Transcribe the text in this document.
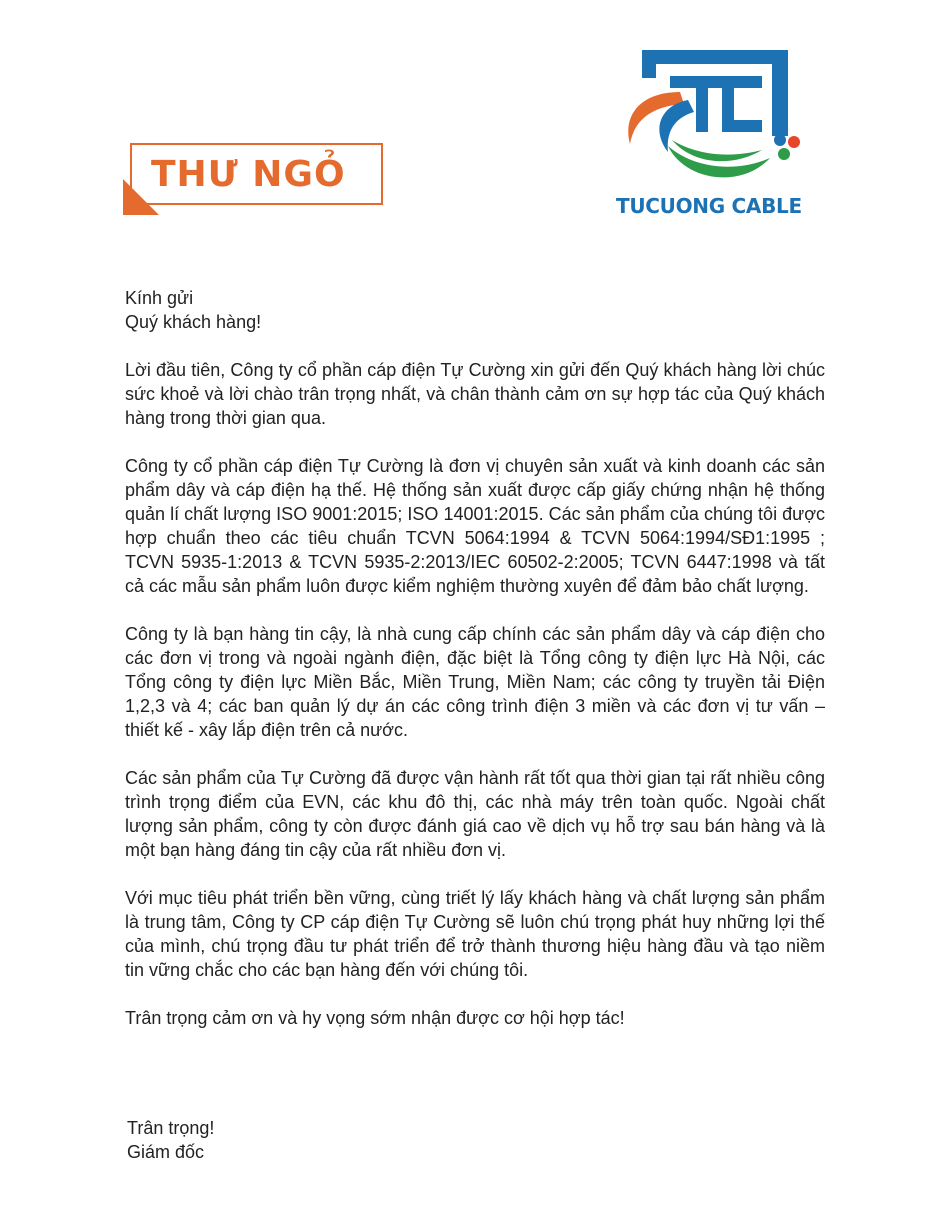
THƯ NGỎ
TUCUONG CABLE

Kính gửi
Quý khách hàng!

Lời đầu tiên, Công ty cổ phần cáp điện Tự Cường xin gửi đến Quý khách hàng lời chúc sức khoẻ và lời chào trân trọng nhất, và chân thành cảm ơn sự hợp tác của Quý khách hàng trong thời gian qua.

Công ty cổ phần cáp điện Tự Cường là đơn vị chuyên sản xuất và kinh doanh các sản phẩm dây và cáp điện hạ thế. Hệ thống sản xuất được cấp giấy chứng nhận hệ thống quản lí chất lượng ISO 9001:2015; ISO 14001:2015. Các sản phẩm của chúng tôi được hợp chuẩn theo các tiêu chuẩn TCVN 5064:1994 & TCVN 5064:1994/SĐ1:1995 ; TCVN 5935-1:2013 & TCVN 5935-2:2013/IEC 60502-2:2005; TCVN 6447:1998 và tất cả các mẫu sản phẩm luôn được kiểm nghiệm thường xuyên để đảm bảo chất lượng.

Công ty là bạn hàng tin cậy, là nhà cung cấp chính các sản phẩm dây và cáp điện cho các đơn vị trong và ngoài ngành điện, đặc biệt là Tổng công ty điện lực Hà Nội, các Tổng công ty điện lực Miền Bắc, Miền Trung, Miền Nam; các công ty truyền tải Điện 1,2,3 và 4; các ban quản lý dự án các công trình điện 3 miền và các đơn vị tư vấn – thiết kế - xây lắp điện trên cả nước.

Các sản phẩm của Tự Cường đã được vận hành rất tốt qua thời gian tại rất nhiều công trình trọng điểm của EVN, các khu đô thị, các nhà máy trên toàn quốc. Ngoài chất lượng sản phẩm, công ty còn được đánh giá cao về dịch vụ hỗ trợ sau bán hàng và là một bạn hàng đáng tin cậy của rất nhiều đơn vị.

Với mục tiêu phát triển bền vững, cùng triết lý lấy khách hàng và chất lượng sản phẩm là trung tâm, Công ty CP cáp điện Tự Cường sẽ luôn chú trọng phát huy những lợi thế của mình, chú trọng đầu tư phát triển để trở thành thương hiệu hàng đầu và tạo niềm tin vững chắc cho các bạn hàng đến với chúng tôi.

Trân trọng cảm ơn và hy vọng sớm nhận được cơ hội hợp tác!

Trân trọng!
Giám đốc
